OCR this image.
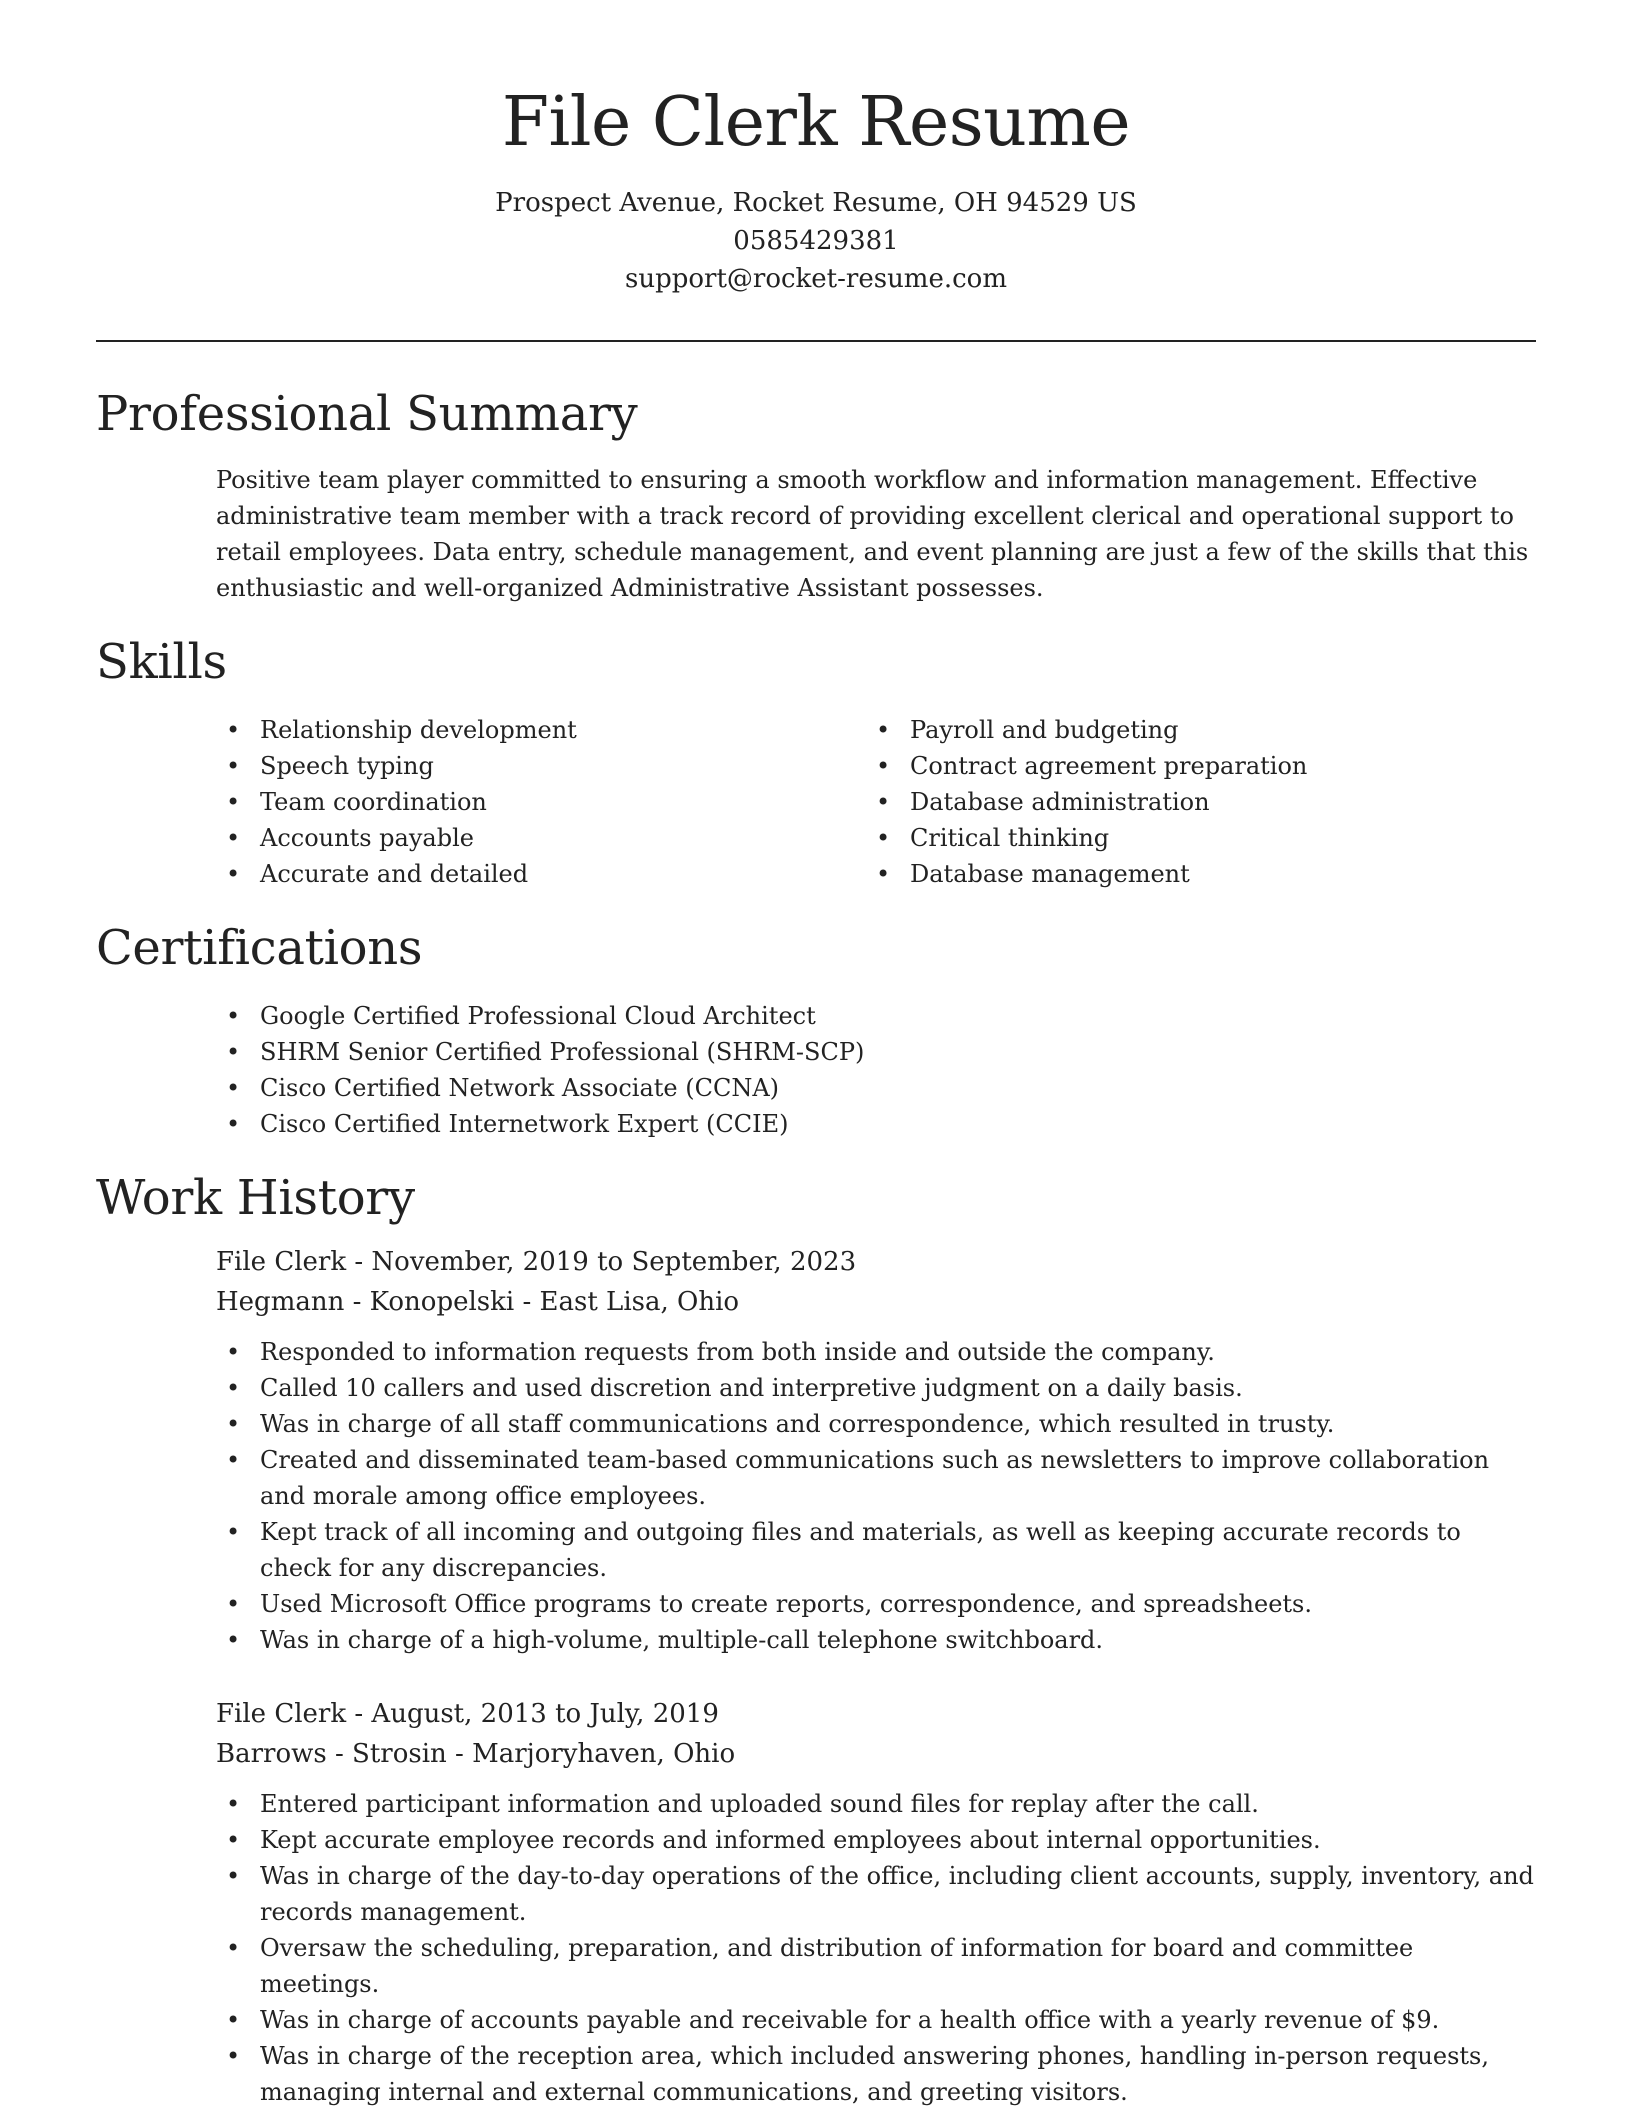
File Clerk Resume
Prospect Avenue, Rocket Resume, OH 94529 US
0585429381
support@rocket-resume.com
Professional Summary

Positive team player committed to ensuring a smooth workflow and information management. Effective administrative team member with a track record of providing excellent clerical and operational support to retail employees. Data entry, schedule management, and event planning are just a few of the skills that this enthusiastic and well-organized Administrative Assistant possesses.

Skills
• Relationship development
• Speech typing
• Team coordination
• Accounts payable
• Accurate and detailed
• Payroll and budgeting
• Contract agreement preparation
• Database administration
• Critical thinking
• Database management
Certifications
• Google Certified Professional Cloud Architect
• SHRM Senior Certified Professional (SHRM-SCP)
• Cisco Certified Network Associate (CCNA)
• Cisco Certified Internetwork Expert (CCIE)
Work History
File Clerk - November, 2019 to September, 2023
Hegmann - Konopelski - East Lisa, Ohio
• Responded to information requests from both inside and outside the company.
• Called 10 callers and used discretion and interpretive judgment on a daily basis.
• Was in charge of all staff communications and correspondence, which resulted in trusty.
• Created and disseminated team-based communications such as newsletters to improve collaboration and morale among office employees.
• Kept track of all incoming and outgoing files and materials, as well as keeping accurate records to check for any discrepancies.
• Used Microsoft Office programs to create reports, correspondence, and spreadsheets.
• Was in charge of a high-volume, multiple-call telephone switchboard.
File Clerk - August, 2013 to July, 2019
Barrows - Strosin - Marjoryhaven, Ohio
• Entered participant information and uploaded sound files for replay after the call.
• Kept accurate employee records and informed employees about internal opportunities.
• Was in charge of the day-to-day operations of the office, including client accounts, supply, inventory, and records management.
• Oversaw the scheduling, preparation, and distribution of information for board and committee meetings.
• Was in charge of accounts payable and receivable for a health office with a yearly revenue of $9.
• Was in charge of the reception area, which included answering phones, handling in-person requests, managing internal and external communications, and greeting visitors.
